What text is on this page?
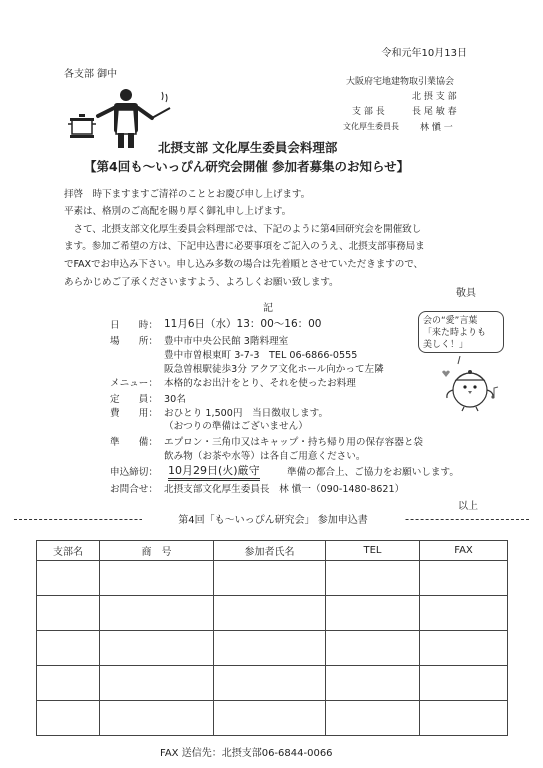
令和元年10月13日
各支部 御中
大阪府宅地建物取引業協会
北 摂 支 部
支 部 長	長 尾 敏 春
文化厚生委員長 林 愼 一
北摂支部 文化厚生委員会料理部
【第4回も～いっぴん研究会開催 参加者募集のお知らせ】
拝啓　時下ますますご清祥のこととお慶び申し上げます。
平素は、格別のご高配を賜り厚く御礼申し上げます。
　さて、北摂支部文化厚生委員会料理部では、下記のように第4回研究会を開催致し
ます。参加ご希望の方は、下記申込書に必要事項をご記入のうえ、北摂支部事務局ま
でFAXでお申込み下さい。申し込み多数の場合は先着順とさせていただきますので、
あらかじめご了承くださいますよう、よろしくお願い致します。
敬具
記
日　　時： 11月6日（水）13：00～16：00
場　　所： 豊中市中央公民館 3階料理室
豊中市曽根東町 3-7-3　TEL 06-6866-0555
阪急曽根駅徒歩3分 アクア文化ホール向かって左隣
メニュー： 本格的なお出汁をとり、それを使ったお料理
定　　員： 30名
費　　用： おひとり 1,500円　当日徴収します。
（おつりの準備はございません）
準　　備： エプロン・三角巾又はキャップ・持ち帰り用の保存容器と袋
飲み物（お茶や水等）は各自ご用意ください。
申込締切： 10月29日(火)厳守	準備の都合上、ご協力をお願いします。
お問合せ： 北摂支部文化厚生委員長　林 愼一（090-1480-8621）
以上
会の“愛”言葉
「来た時よりも
美しく！」
第4回「も～いっぴん研究会」 参加申込書
支部名	商　号	参加者氏名	TEL	FAX

FAX 送信先：北摂支部06-6844-0066
